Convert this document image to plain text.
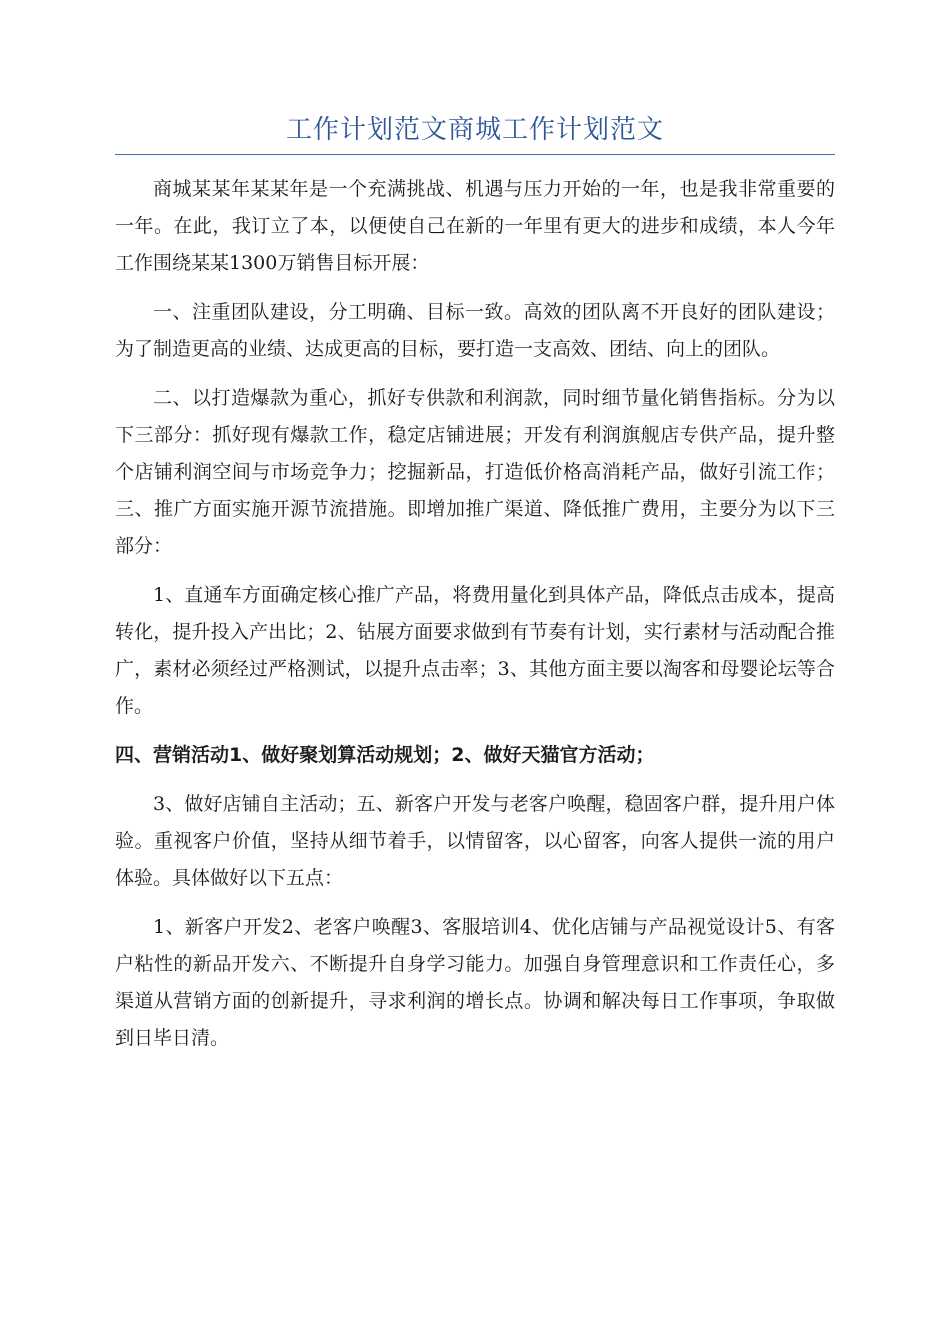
工作计划范文商城工作计划范文

商城某某年某某年是一个充满挑战、机遇与压力开始的一年，也是我非常重要的一年。在此，我订立了本，以便使自己在新的一年里有更大的进步和成绩，本人今年工作围绕某某1300万销售目标开展：

一、注重团队建设，分工明确、目标一致。高效的团队离不开良好的团队建设；为了制造更高的业绩、达成更高的目标，要打造一支高效、团结、向上的团队。

二、以打造爆款为重心，抓好专供款和利润款，同时细节量化销售指标。分为以下三部分：抓好现有爆款工作，稳定店铺进展；开发有利润旗舰店专供产品，提升整个店铺利润空间与市场竞争力；挖掘新品，打造低价格高消耗产品，做好引流工作；三、推广方面实施开源节流措施。即增加推广渠道、降低推广费用，主要分为以下三部分：

1、直通车方面确定核心推广产品，将费用量化到具体产品，降低点击成本，提高转化，提升投入产出比；2、钻展方面要求做到有节奏有计划，实行素材与活动配合推广，素材必须经过严格测试，以提升点击率；3、其他方面主要以淘客和母婴论坛等合作。

四、营销活动1、做好聚划算活动规划；2、做好天猫官方活动；

3、做好店铺自主活动；五、新客户开发与老客户唤醒，稳固客户群，提升用户体验。重视客户价值，坚持从细节着手，以情留客，以心留客，向客人提供一流的用户体验。具体做好以下五点：

1、新客户开发2、老客户唤醒3、客服培训4、优化店铺与产品视觉设计5、有客户粘性的新品开发六、不断提升自身学习能力。加强自身管理意识和工作责任心，多渠道从营销方面的创新提升，寻求利润的增长点。协调和解决每日工作事项，争取做到日毕日清。
